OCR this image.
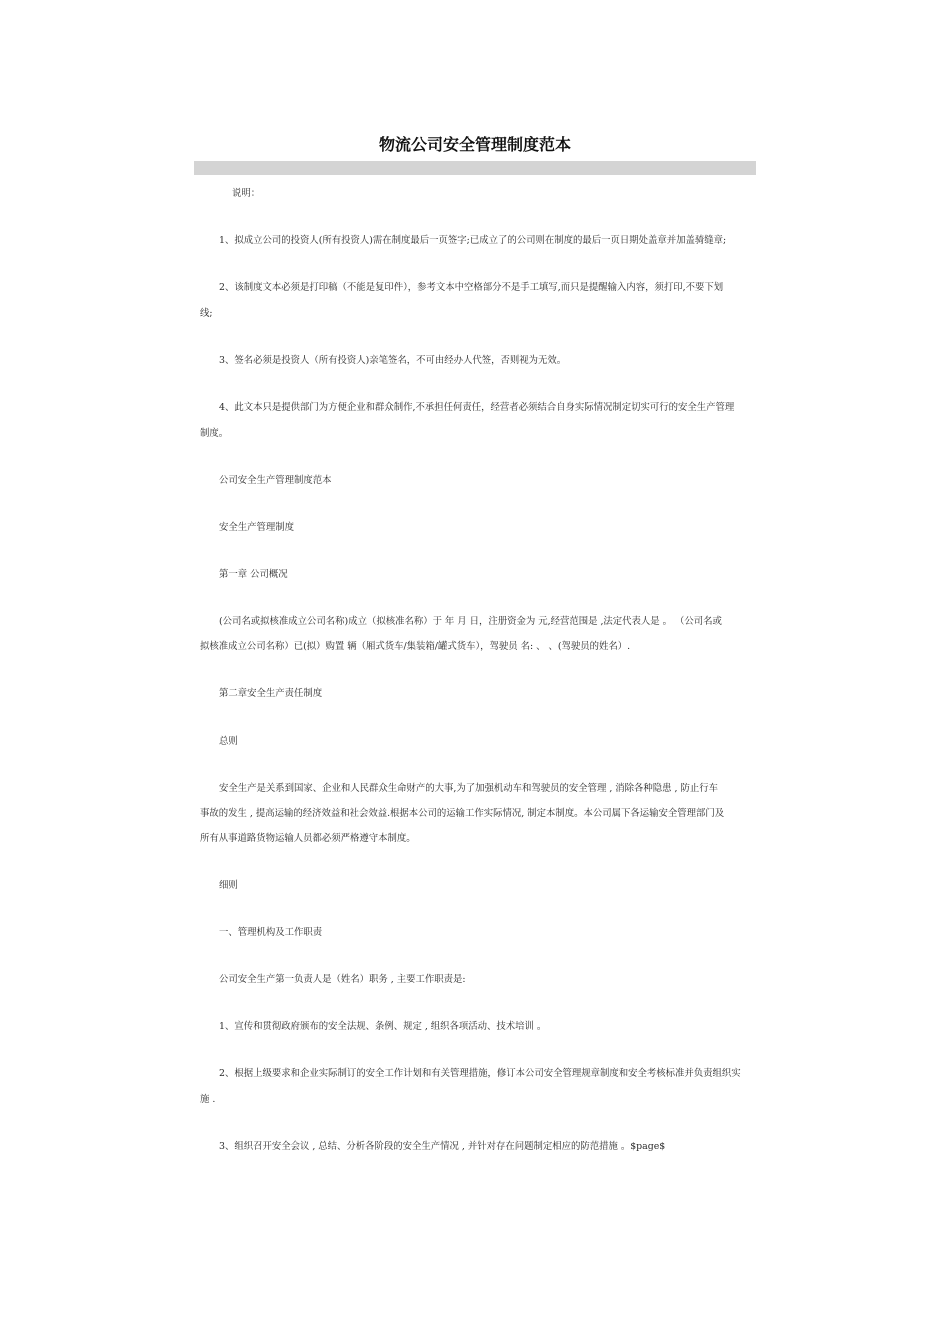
物流公司安全管理制度范本
说明：
1、拟成立公司的投资人(所有投资人)需在制度最后一页签字;已成立了的公司则在制度的最后一页日期处盖章并加盖骑缝章;
2、该制度文本必须是打印稿（不能是复印件），参考文本中空格部分不是手工填写,而只是提醒输入内容，须打印,不要下划
线;
3、签名必须是投资人（所有投资人)亲笔签名，不可由经办人代签，否则视为无效。
4、此文本只是提供部门为方便企业和群众制作,不承担任何责任，经营者必须结合自身实际情况制定切实可行的安全生产管理
制度。
公司安全生产管理制度范本
安全生产管理制度
第一章 公司概况
(公司名或拟核准成立公司名称)成立（拟核准名称）于 年 月 日，注册资金为 元,经营范围是 ,法定代表人是 。 （公司名或
拟核准成立公司名称）已(拟）购置 辆（厢式货车/集装箱/罐式货车），驾驶员 名: 、 、(驾驶员的姓名）.
第二章安全生产责任制度
总则
安全生产是关系到国家、企业和人民群众生命财产的大事,为了加强机动车和驾驶员的安全管理 , 消除各种隐患 , 防止行车
事故的发生 , 提高运输的经济效益和社会效益.根据本公司的运输工作实际情况, 制定本制度。本公司属下各运输安全管理部门及
所有从事道路货物运输人员都必须严格遵守本制度。
细则
一、管理机构及工作职责
公司安全生产第一负责人是（姓名）职务 , 主要工作职责是:
1、宣传和贯彻政府颁布的安全法规、条例、规定 , 组织各项活动、技术培训 。
2、根据上级要求和企业实际制订的安全工作计划和有关管理措施，修订本公司安全管理规章制度和安全考核标准并负责组织实
施 .
3、组织召开安全会议 , 总结、分析各阶段的安全生产情况 , 并针对存在问题制定相应的防范措施 。$page$
